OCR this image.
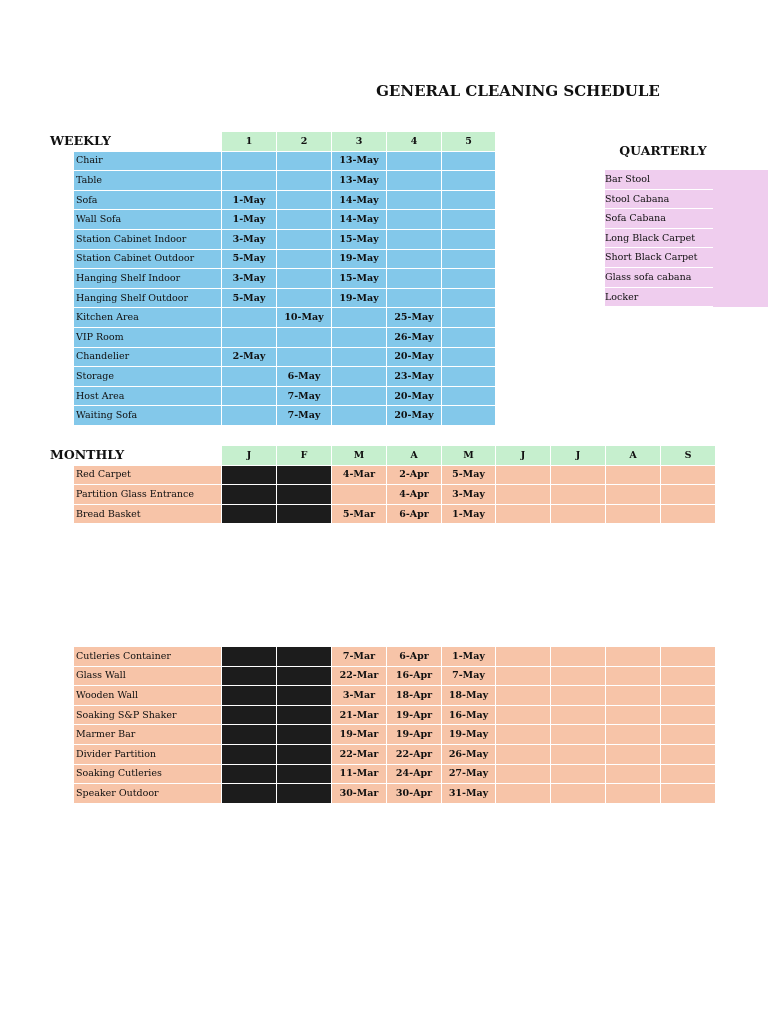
GENERAL CLEANING SCHEDULE
WEEKLY
		1	2	3	4	5
Chair			13-May		
Table			13-May		
Sofa	1-May		14-May		
Wall Sofa	1-May		14-May		
Station Cabinet Indoor	3-May		15-May		
Station Cabinet Outdoor	5-May		19-May		
Hanging Shelf Indoor	3-May		15-May		
Hanging Shelf Outdoor	5-May		19-May		
Kitchen Area		10-May		25-May	
VIP Room				26-May	
Chandelier	2-May			20-May	
Storage		6-May		23-May	
Host Area		7-May		20-May	
Waiting Sofa		7-May		20-May	
QUARTERLY
Bar Stool
Stool Cabana
Sofa Cabana
Long Black Carpet
Short Black Carpet
Glass sofa cabana
Locker
MONTHLY
		J	F	M	A	M	J	J	A	S
Red Carpet			4-Mar	2-Apr	5-May				
Partition Glass Entrance				4-Apr	3-May				
Bread Basket			5-Mar	6-Apr	1-May				
Cutleries Container			7-Mar	6-Apr	1-May				
Glass Wall			22-Mar	16-Apr	7-May				
Wooden Wall			3-Mar	18-Apr	18-May				
Soaking S&P Shaker			21-Mar	19-Apr	16-May				
Marmer Bar			19-Mar	19-Apr	19-May				
Divider Partition			22-Mar	22-Apr	26-May				
Soaking Cutleries			11-Mar	24-Apr	27-May				
Speaker Outdoor			30-Mar	30-Apr	31-May				
